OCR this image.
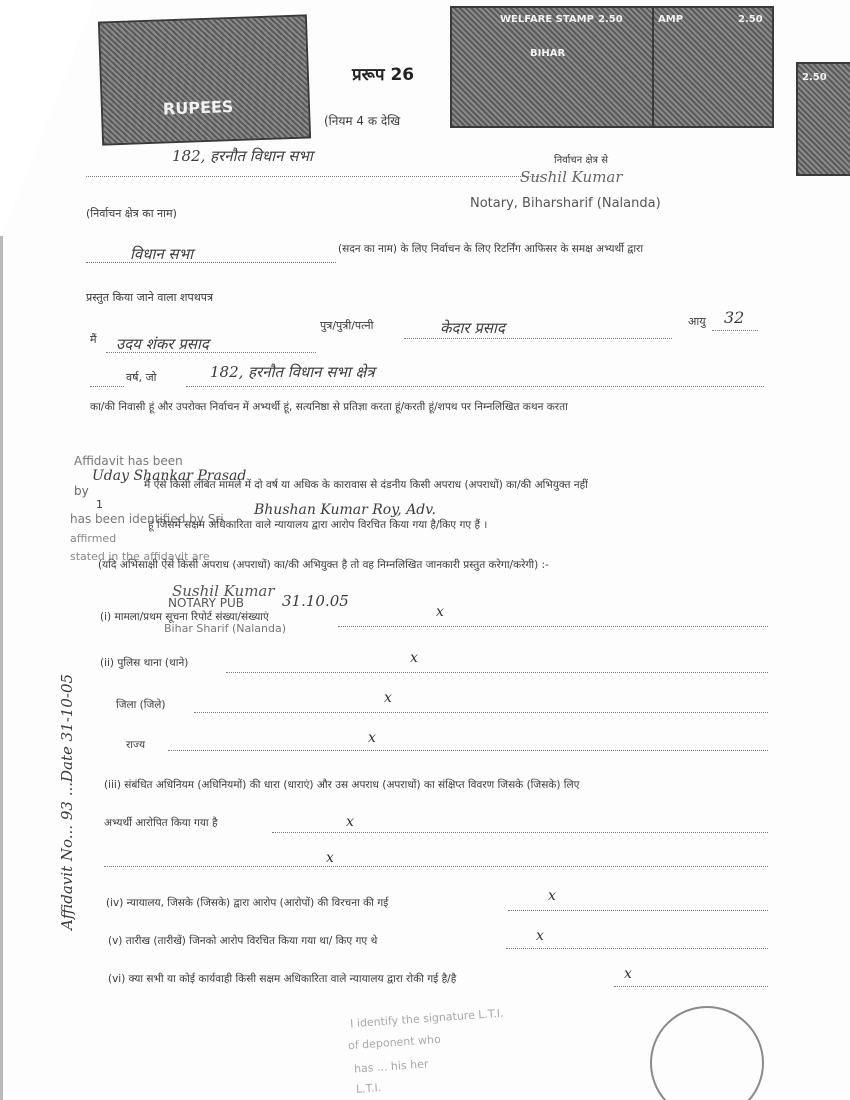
RUPEES
WELFARE STAMP 2.50
BIHAR
AMP	2.50
2.50
प्ररूप 26
(नियम 4 क देखि
182, हरनौत विधान सभा	निर्वाचन क्षेत्र से
Sushil Kumar
(निर्वाचन क्षेत्र का नाम)
Notary, Biharsharif (Nalanda)
विधान सभा	(सदन का नाम) के लिए निर्वाचन के लिए रिटर्निंग आफिसर के समक्ष अभ्यर्थी द्वारा
प्रस्तुत किया जाने वाला शपथपत्र
मैं उदय शंकर प्रसाद
पुत्र/पुत्री/पत्नी	केदार प्रसाद	आयु 32
वर्ष, जो	182, हरनौत विधान सभा क्षेत्र
का/की निवासी हूं और उपरोक्त निर्वाचन में अभ्यर्थी हूं, सत्यनिष्ठा से प्रतिज्ञा करता हूं/करती हूं/शपथ पर निम्नलिखित कथन करता
Affidavit has been
by
Uday Shankar Prasad
1
मैं ऐसे किसी लंबित मामले में दो वर्ष या अधिक के कारावास से दंडनीय किसी अपराध (अपराधों) का/की अभियुक्त नहीं
has been identified by Sri
Bhushan Kumar Roy, Adv.
affirmed
हूं जिसमें सक्षम अधिकारिता वाले न्यायालय द्वारा आरोप विरचित किया गया है/किए गए हैं ।
stated in the affidavit are
(यदि अभिसाक्षी ऐसे किसी अपराध (अपराधों) का/की अभियुक्त है तो वह निम्नलिखित जानकारी प्रस्तुत करेगा/करेगी) :-
Sushil Kumar
NOTARY PUB	31.10.05
Bihar Sharif (Nalanda)
(i) मामला/प्रथम सूचना रिपोर्ट संख्या/संख्याएं	x
(ii) पुलिस थाना (थाने)	x
जिला (जिले)	x
राज्य	x
(iii) संबंधित अधिनियम (अधिनियमों) की धारा (धाराएं) और उस अपराध (अपराधों) का संक्षिप्त विवरण जिसके (जिसके) लिए
अभ्यर्थी आरोपित किया गया है	x
x
(iv) न्यायालय, जिसके (जिसके) द्वारा आरोप (आरोपों) की विरचना की गई	x
(v) तारीख (तारीखें) जिनको आरोप विरचित किया गया था/ किए गए थे	x
(vi) क्या सभी या कोई कार्यवाही किसी सक्षम अधिकारिता वाले न्यायालय द्वारा रोकी गई है/है	x
Affidavit No... 93 ...Date 31-10-05
I identify the signature L.T.I.
of deponent who
has ... his her
L.T.I.
